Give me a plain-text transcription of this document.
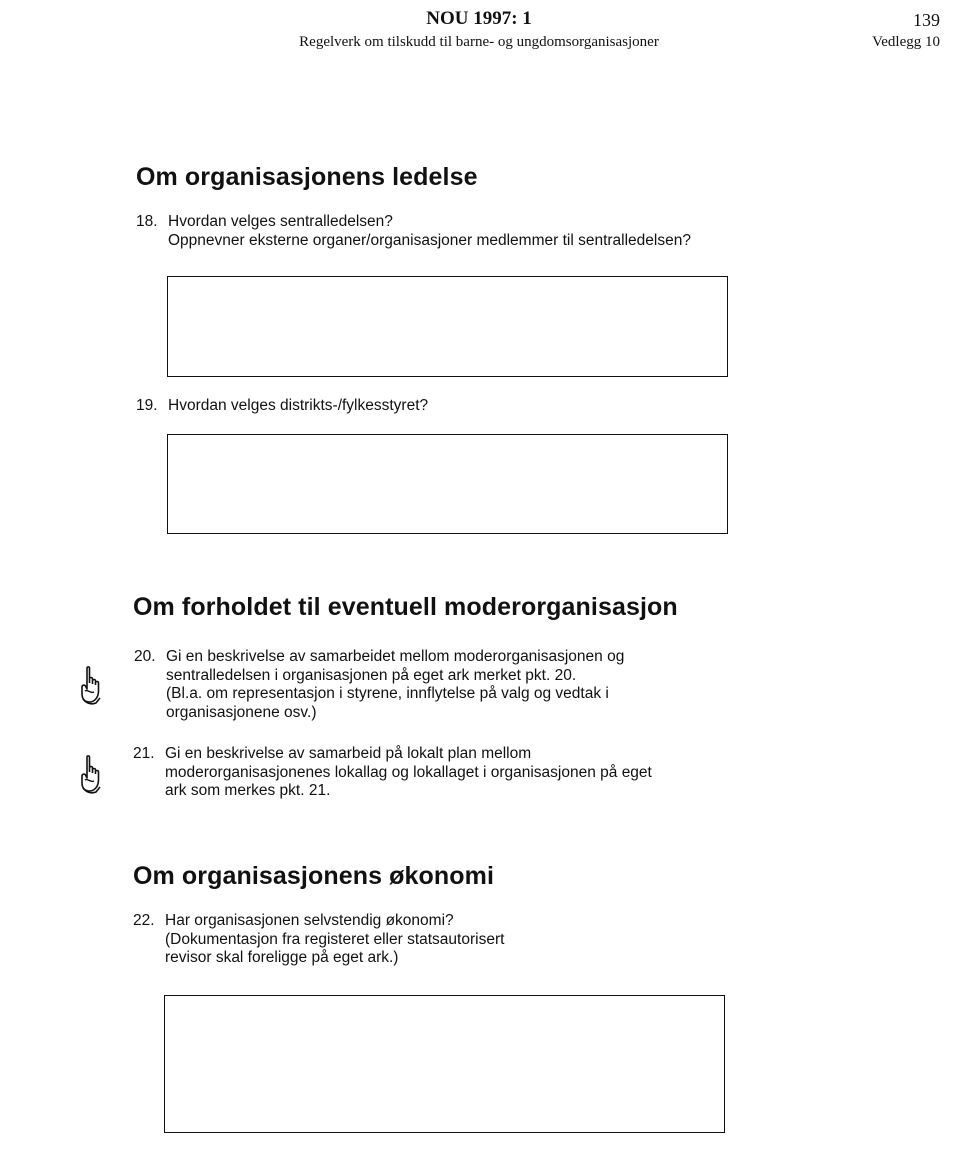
NOU 1997: 1
Regelverk om tilskudd til barne- og ungdomsorganisasjoner
139
Vedlegg 10
Om organisasjonens ledelse
18. Hvordan velges sentralledelsen?
Oppnevner eksterne organer/organisasjoner medlemmer til sentralledelsen?
19. Hvordan velges distrikts-/fylkesstyret?
Om forholdet til eventuell moderorganisasjon
20. Gi en beskrivelse av samarbeidet mellom moderorganisasjonen og
sentralledelsen i organisasjonen på eget ark merket pkt. 20.
(Bl.a. om representasjon i styrene, innflytelse på valg og vedtak i
organisasjonene osv.)
21. Gi en beskrivelse av samarbeid på lokalt plan mellom
moderorganisasjonenes lokallag og lokallaget i organisasjonen på eget
ark som merkes pkt. 21.
Om organisasjonens økonomi
22. Har organisasjonen selvstendig økonomi?
(Dokumentasjon fra registeret eller statsautorisert
revisor skal foreligge på eget ark.)
